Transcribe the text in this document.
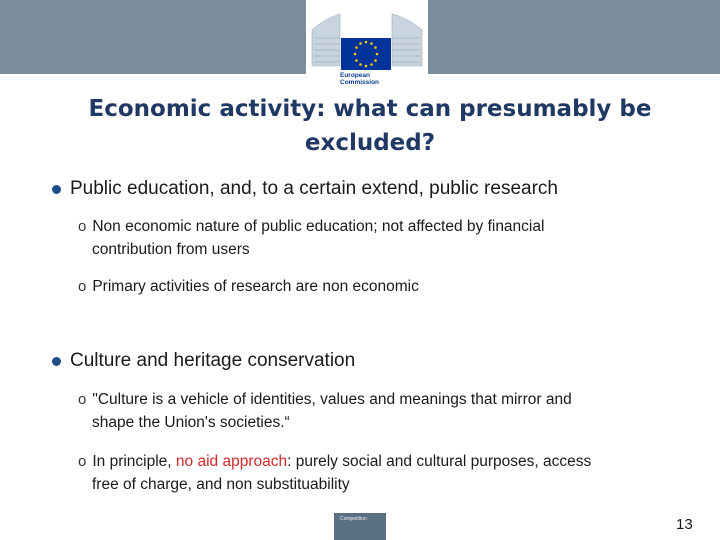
European
Commission
Economic activity: what can presumably be
excluded?
Public education, and, to a certain extend, public research
o Non economic nature of public education; not affected by financial
contribution from users
o Primary activities of research are non economic
Culture and heritage conservation
o "Culture is a vehicle of identities, values and meanings that mirror and
shape the Union's societies.“
o In principle, no aid approach: purely social and cultural purposes, access
free of charge, and non substituability
Competition	13
